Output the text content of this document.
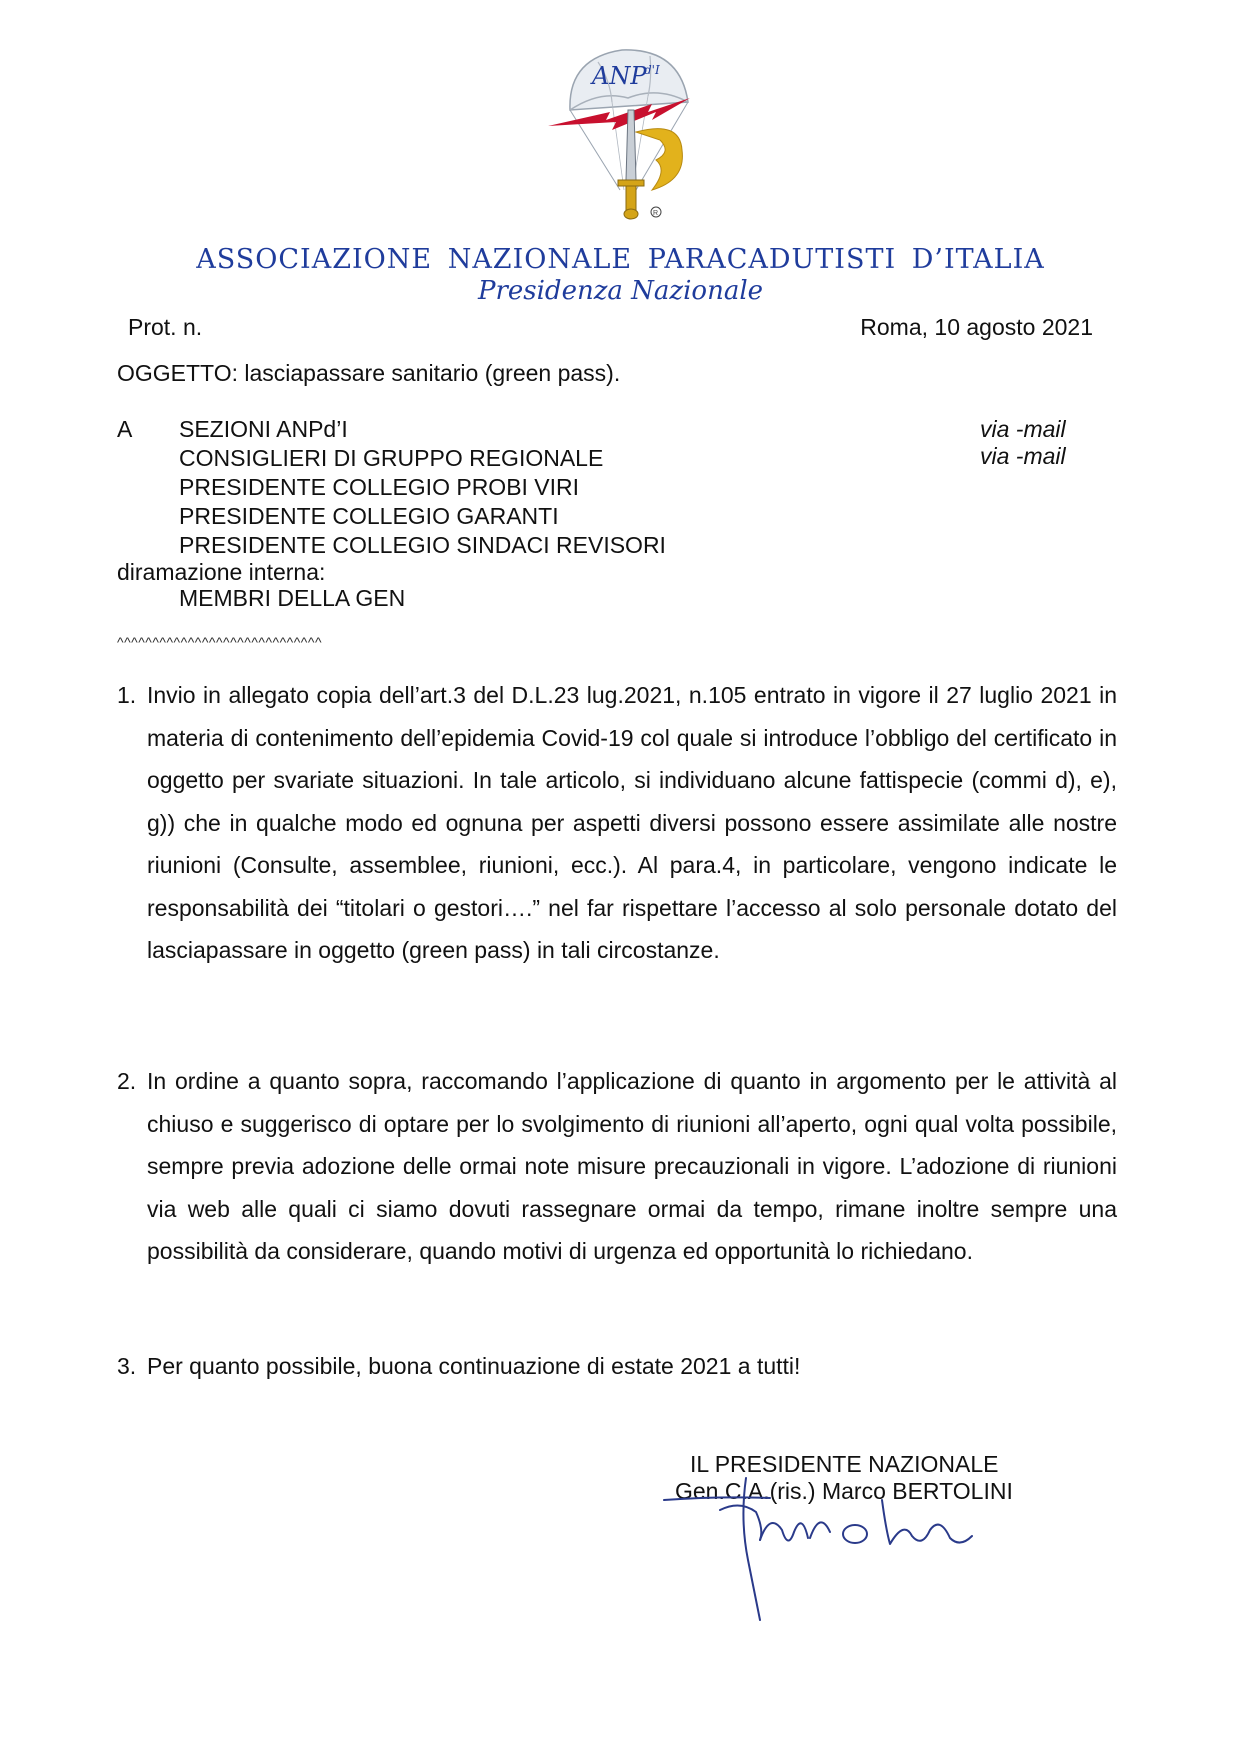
ANP
d'I
R
ASSOCIAZIONE NAZIONALE PARACADUTISTI D’ITALIA
Presidenza Nazionale
Prot. n.	Roma, 10 agosto 2021
OGGETTO: lasciapassare sanitario (green pass).
A SEZIONI ANPd’I
CONSIGLIERI DI GRUPPO REGIONALE
PRESIDENTE COLLEGIO PROBI VIRI
PRESIDENTE COLLEGIO GARANTI
PRESIDENTE COLLEGIO SINDACI REVISORI
via -mail
via -mail
diramazione interna:
MEMBRI DELLA GEN
^^^^^^^^^^^^^^^^^^^^^^^^^^^^^
1. Invio in allegato copia dell’art.3 del D.L.23 lug.2021, n.105 entrato in vigore il 27 luglio 2021 in materia di contenimento dell’epidemia Covid-19 col quale si introduce l’obbligo del certificato in oggetto per svariate situazioni. In tale articolo, si individuano alcune fattispecie (commi d), e), g)) che in qualche modo ed ognuna per aspetti diversi possono essere assimilate alle nostre riunioni (Consulte, assemblee, riunioni, ecc.). Al para.4, in particolare, vengono indicate le responsabilità dei “titolari o gestori….” nel far rispettare l’accesso al solo personale dotato del lasciapassare in oggetto (green pass) in tali circostanze.
2. In ordine a quanto sopra, raccomando l’applicazione di quanto in argomento per le attività al chiuso e suggerisco di optare per lo svolgimento di riunioni all’aperto, ogni qual volta possibile, sempre previa adozione delle ormai note misure precauzionali in vigore. L’adozione di riunioni via web alle quali ci siamo dovuti rassegnare ormai da tempo, rimane inoltre sempre una possibilità da considerare, quando motivi di urgenza ed opportunità lo richiedano.
3. Per quanto possibile, buona continuazione di estate 2021 a tutti!
IL PRESIDENTE NAZIONALE
Gen.C.A.(ris.) Marco BERTOLINI
